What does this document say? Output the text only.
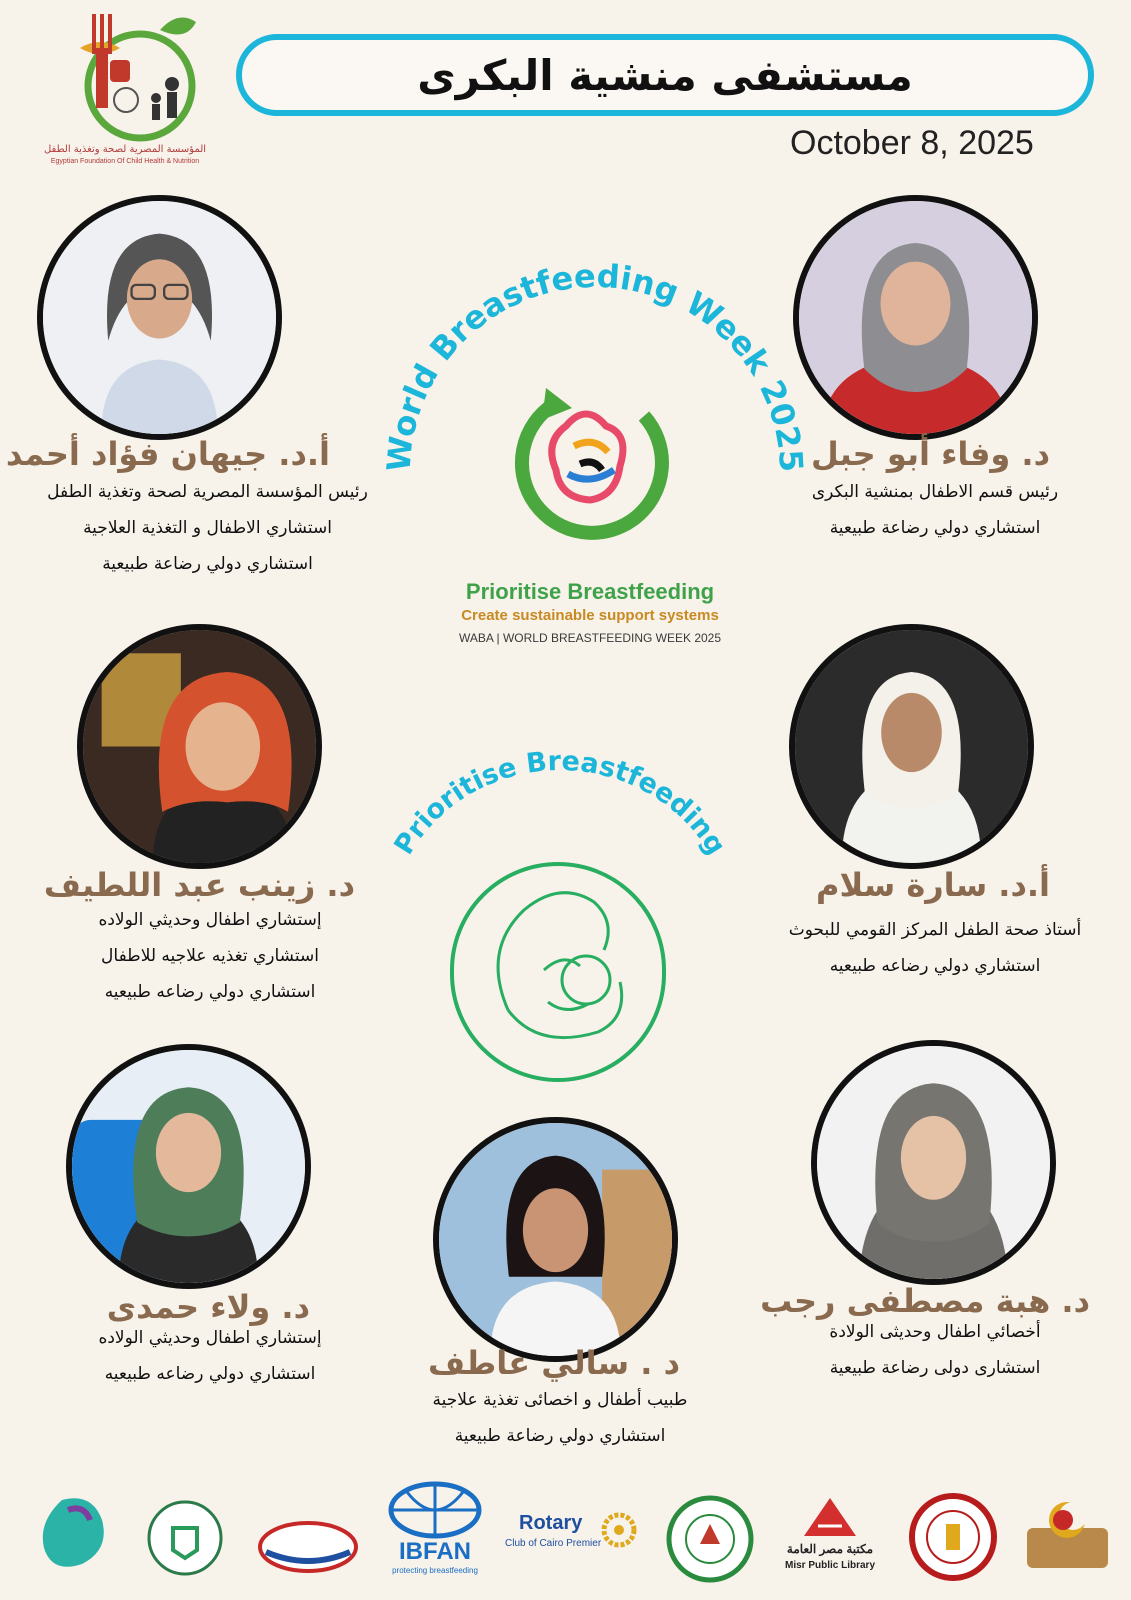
المؤسسة المصرية لصحة وتغذية الطفل
Egyptian Foundation Of Child Health & Nutrition
مستشفى منشية البكرى
October 8, 2025
أ.د. جيهان فؤاد أحمد
رئيس المؤسسة المصرية لصحة وتغذية الطفل
استشاري الاطفال و التغذية العلاجية
استشاري دولي رضاعة طبيعية
د. وفاء أبو جبل
رئيس قسم الاطفال بمنشية البكرى
استشاري دولي رضاعة طبيعية
د. زينب عبد اللطيف
إستشاري اطفال وحديثي الولاده
استشاري تغذيه علاجيه للاطفال
استشاري دولي رضاعه طبيعيه
أ.د. سارة سلام
أستاذ صحة الطفل المركز القومي للبحوث
استشاري دولي رضاعه طبيعيه
د. ولاء حمدى
إستشاري اطفال وحديثي الولاده
استشاري دولي رضاعه طبيعيه	د . سالي عاطف
طبيب أطفال و اخصائى تغذية علاجية
استشاري دولي رضاعة طبيعية
د. هبة مصطفى رجب
أخصائي اطفال وحديثى الولادة
استشارى دولى رضاعة طبيعية
World Breastfeeding Week 2025
Prioritise Breastfeeding
Create sustainable support systems
WABA | WORLD BREASTFEEDING WEEK 2025
Prioritise Breastfeeding
IBFAN
protecting breastfeeding
Rotary
Club of Cairo Premier	مكتبة مصر العامة
Misr Public Library
